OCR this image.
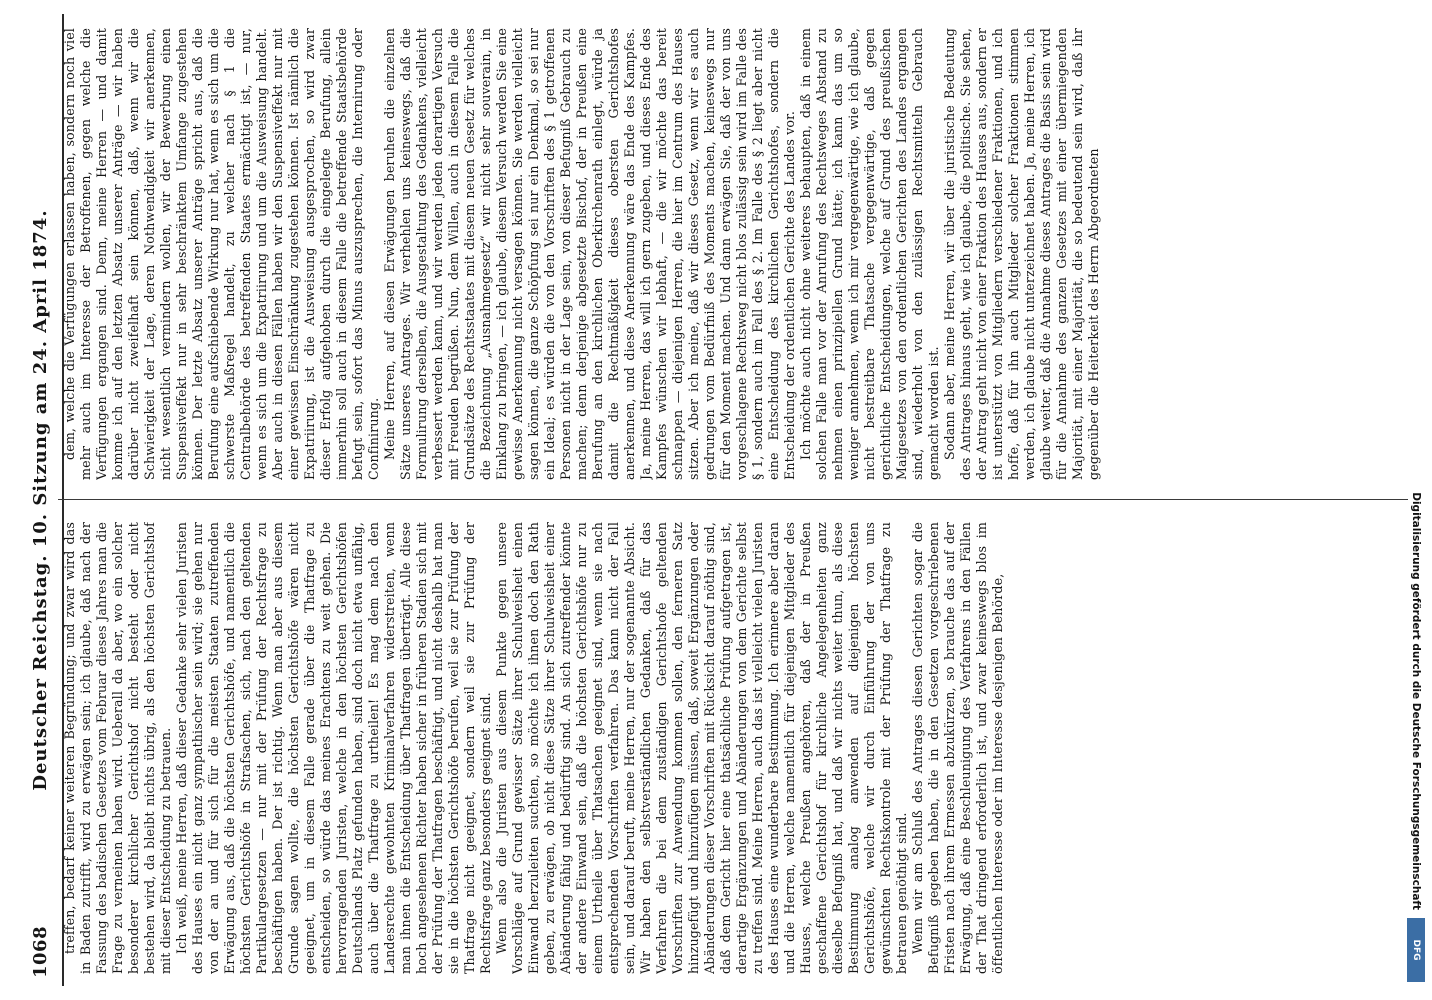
1068
Deutscher Reichstag. 10. Sitzung am 24. April 1874. treffen, bedarf keiner weiteren Begründung; und zwar wird das in Baden zutrifft, wird zu erwägen sein; ich glaube, daß nach der Fassung des badischen Gesetzes vom Februar dieses Jahres man die Frage zu verneinen haben wird. Ueberall da aber, wo ein solcher besonderer kirchlicher Gerichtshof nicht besteht oder nicht bestehen wird, da bleibt nichts übrig, als den höchsten Gerichtshof mit dieser Entscheidung zu betrauen. Ich weiß, meine Herren, daß dieser Gedanke sehr vielen Juristen des Hauses ein nicht ganz sympathischer sein wird; sie gehen nur von der an und für sich für die meisten Staaten zutreffenden Erwägung aus, daß die höchsten Gerichtshöfe, und namentlich die höchsten Gerichtshöfe in Strafsachen, sich, nach den geltenden Partikulargesetzen — nur mit der Prüfung der Rechtsfrage zu beschäftigen haben. Der ist richtig. Wenn man aber aus diesem Grunde sagen wollte, die höchsten Gerichtshöfe wären nicht geeignet, um in diesem Falle gerade über die Thatfrage zu entscheiden, so würde das meines Erachtens zu weit gehen. Die hervorragenden Juristen, welche in den höchsten Gerichtshöfen Deutschlands Platz gefunden haben, sind doch nicht etwa unfähig, auch über die Thatfrage zu urtheilen! Es mag dem nach den Landesrechte gewohnten Kriminalverfahren widerstreiten, wenn man ihnen die Entscheidung über Thatfragen überträgt. Alle diese hoch angesehenen Richter haben sicher in früheren Stadien sich mit der Prüfung der Thatfragen beschäftigt, und nicht deshalb hat man sie in die höchsten Gerichtshöfe berufen, weil sie zur Prüfung der Thatfrage nicht geeignet, sondern weil sie zur Prüfung der Rechtsfrage ganz besonders geeignet sind. Wenn also die Juristen aus diesem Punkte gegen unsere Vorschläge auf Grund gewisser Sätze ihrer Schulweisheit einen Einwand herzuleiten suchten, so möchte ich ihnen doch den Rath geben, zu erwägen, ob nicht diese Sätze ihrer Schulweisheit einer Abänderung fähig und bedürftig sind. An sich zutreffender könnte der andere Einwand sein, daß die höchsten Gerichtshöfe nur zu einem Urtheile über Thatsachen geeignet sind, wenn sie nach entsprechenden Vorschriften verfahren. Das kann nicht der Fall sein, und darauf beruft, meine Herren, nur der sogenannte Absicht. Wir haben den selbstverständlichen Gedanken, daß für das Verfahren die bei dem zuständigen Gerichtshofe geltenden Vorschriften zur Anwendung kommen sollen, den ferneren Satz hinzugefügt und hinzufügen müssen, daß, soweit Ergänzungen oder Abänderungen dieser Vorschriften mit Rücksicht darauf nöthig sind, daß dem Gericht hier eine thatsächliche Prüfung aufgetragen ist, derartige Ergänzungen und Abänderungen von dem Gerichte selbst zu treffen sind. Meine Herren, auch das ist vielleicht vielen Juristen des Hauses eine wunderbare Bestimmung. Ich erinnere aber daran und die Herren, welche namentlich für diejenigen Mitglieder des Hauses, welche Preußen angehören, daß der in Preußen geschaffene Gerichtshof für kirchliche Angelegenheiten ganz dieselbe Befugniß hat, und daß wir nichts weiter thun, als diese Bestimmung analog anwenden auf diejenigen höchsten Gerichtshöfe, welche wir durch Einführung der von uns gewünschten Rechtskontrole mit der Prüfung der Thatfrage zu betrauen genöthigt sind. Wenn wir am Schluß des Antrages diesen Gerichten sogar die Befugniß gegeben haben, die in den Gesetzen vorgeschriebenen Fristen nach ihrem Ermessen abzukürzen, so brauche das auf der Erwägung, daß eine Beschleunigung des Verfahrens in den Fällen der That dringend erforderlich ist, und zwar keineswegs blos im öffentlichen Interesse oder im Interesse desjenigen Behörde,

dem, welche die Verfügungen erlassen haben, sondern noch viel mehr auch im Interesse der Betroffenen, gegen welche die Verfügungen ergangen sind. Denn, meine Herren — und damit komme ich auf den letzten Absatz unserer Anträge — wir haben darüber nicht zweifelhaft sein können, daß, wenn wir die Schwierigkeit der Lage, deren Nothwendigkeit wir anerkennen, nicht wesentlich vermindern wollen, wir der Bewerbung einen Suspensiveffekt nur in sehr beschränktem Umfange zugestehen können. Der letzte Absatz unserer Anträge spricht aus, daß die Berufung eine aufschiebende Wirkung nur hat, wenn es sich um die schwerste Maßregel handelt, zu welcher nach § 1 die Centralbehörde des betreffenden Staates ermächtigt ist, — nur, wenn es sich um die Expatriirung und um die Ausweisung handelt. Aber auch in diesen Fällen haben wir den Suspensiveffekt nur mit einer gewissen Einschränkung zugestehen können. Ist nämlich die Expatriirung, ist die Ausweisung ausgesprochen, so wird zwar dieser Erfolg aufgehoben durch die eingelegte Berufung, allein immerhin soll auch in diesem Falle die betreffende Staatsbehörde befugt sein, sofort das Minus auszusprechen, die Internirung oder Confinirung. Meine Herren, auf diesen Erwägungen beruhen die einzelnen Sätze unseres Antrages. Wir verhehlen uns keineswegs, daß die Formulirung derselben, die Ausgestaltung des Gedankens, vielleicht verbessert werden kann, und wir werden jeden derartigen Versuch mit Freuden begrüßen. Nun, dem Willen, auch in diesem Falle die Grundsätze des Rechtsstaates mit diesem neuen Gesetz für welches die Bezeichnung „Ausnahmegesetz“ wir nicht sehr souverain, in Einklang zu bringen, — ich glaube, diesem Versuch werden Sie eine gewisse Anerkennung nicht versagen können. Sie werden vielleicht sagen können, die ganze Schöpfung sei nur ein Denkmal, so sei nur ein Ideal; es würden die von den Vorschriften des § 1 getroffenen Personen nicht in der Lage sein, von dieser Befugniß Gebrauch zu machen; denn derjenige abgesetzte Bischof, der in Preußen eine Berufung an den kirchlichen Oberkirchenrath einlegt, würde ja damit die Rechtmäßigkeit dieses obersten Gerichtshofes anerkennen, und diese Anerkennung wäre das Ende des Kampfes. Ja, meine Herren, das will ich gern zugeben, und dieses Ende des Kampfes wünschen wir lebhaft, — die wir möchte das bereit schnappen — diejenigen Herren, die hier im Centrum des Hauses sitzen. Aber ich meine, daß wir dieses Gesetz, wenn wir es auch gedrungen vom Bedürfniß des Moments machen, keineswegs nur für den Moment machen. Und dann erwägen Sie, daß der von uns vorgeschlagene Rechtsweg nicht blos zulässig sein wird im Falle des § 1, sondern auch im Fall des § 2. Im Falle des § 2 liegt aber nicht eine Entscheidung des kirchlichen Gerichtshofes, sondern die Entscheidung der ordentlichen Gerichte des Landes vor. Ich möchte auch nicht ohne weiteres behaupten, daß in einem solchen Falle man vor der Anrufung des Rechtsweges Abstand zu nehmen einen prinzipiellen Grund hätte; ich kann das um so weniger annehmen, wenn ich mir vergegenwärtige, wie ich glaube, nicht bestreitbare Thatsache vergegenwärtige, daß gegen gerichtliche Entscheidungen, welche auf Grund des preußischen Maigesetzes von den ordentlichen Gerichten des Landes ergangen sind, wiederholt von den zulässigen Rechtsmitteln Gebrauch gemacht worden ist. Sodann aber, meine Herren, wir über die juristische Bedeutung des Antrages hinaus geht, wie ich glaube, die politische. Sie sehen, der Antrag geht nicht von einer Fraktion des Hauses aus, sondern er ist unterstützt von Mitgliedern verschiedener Fraktionen, und ich hoffe, daß für ihn auch Mitglieder solcher Fraktionen stimmen werden, ich glaube nicht unterzeichnet haben. Ja, meine Herren, ich glaube weiter, daß die Annahme dieses Antrages die Basis sein wird für die Annahme des ganzen Gesetzes mit einer übermiegenden Majorität, mit einer Majorität, die so bedeutend sein wird, daß ihr gegenüber die Heiterkeit des Herrn Abgeordneten

Digitalisierung gefördert durch die Deutsche Forschungsgemeinschaft
DFG
